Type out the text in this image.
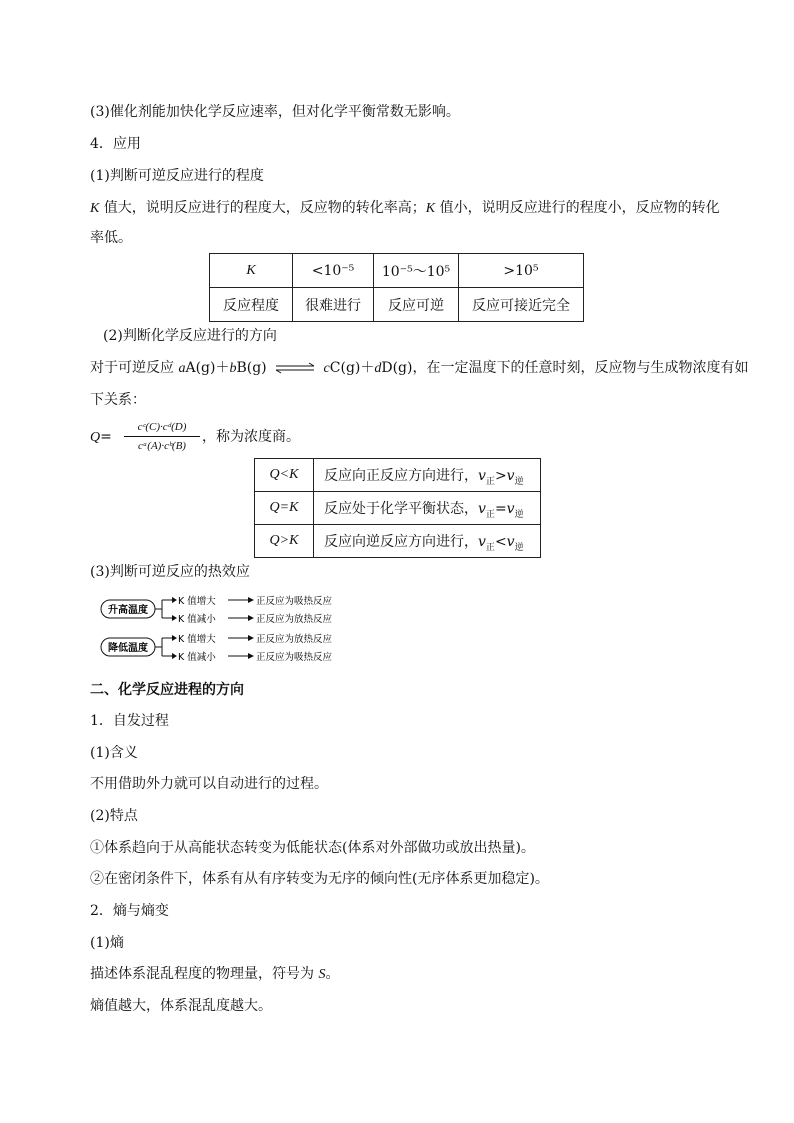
(3)催化剂能加快化学反应速率，但对化学平衡常数无影响。
4．应用
(1)判断可逆反应进行的程度
K 值大，说明反应进行的程度大，反应物的转化率高；K 值小，说明反应进行的程度小，反应物的转化
率低。
K	<10⁻⁵	10⁻⁵～10⁵	>10⁵
反应程度	很难进行	反应可逆	反应可接近完全
(2)判断化学反应进行的方向
对于可逆反应 aA(g)＋bB(g) ⇌ cC(g)＋dD(g)，在一定温度下的任意时刻，反应物与生成物浓度有如
下关系：
Q=
cᶜ(C)·cᵈ(D)
cᵃ(A)·cᵇ(B)
，称为浓度商。
Q<K	反应向正反应方向进行，$v_正>v_逆$
Q=K	反应处于化学平衡状态，$v_正=v_逆$
Q>K	反应向逆反应方向进行，$v_正<v_逆$
(3)判断可逆反应的热效应
升高温度
降低温度
K 值增大
K 值减小
K 值增大
K 值减小
正反应为吸热反应
正反应为放热反应
正反应为放热反应
正反应为吸热反应
二、化学反应进程的方向
1．自发过程
(1)含义
不用借助外力就可以自动进行的过程。
(2)特点
①体系趋向于从高能状态转变为低能状态(体系对外部做功或放出热量)。
②在密闭条件下，体系有从有序转变为无序的倾向性(无序体系更加稳定)。
2．熵与熵变
(1)熵
描述体系混乱程度的物理量，符号为 S。
熵值越大，体系混乱度越大。
